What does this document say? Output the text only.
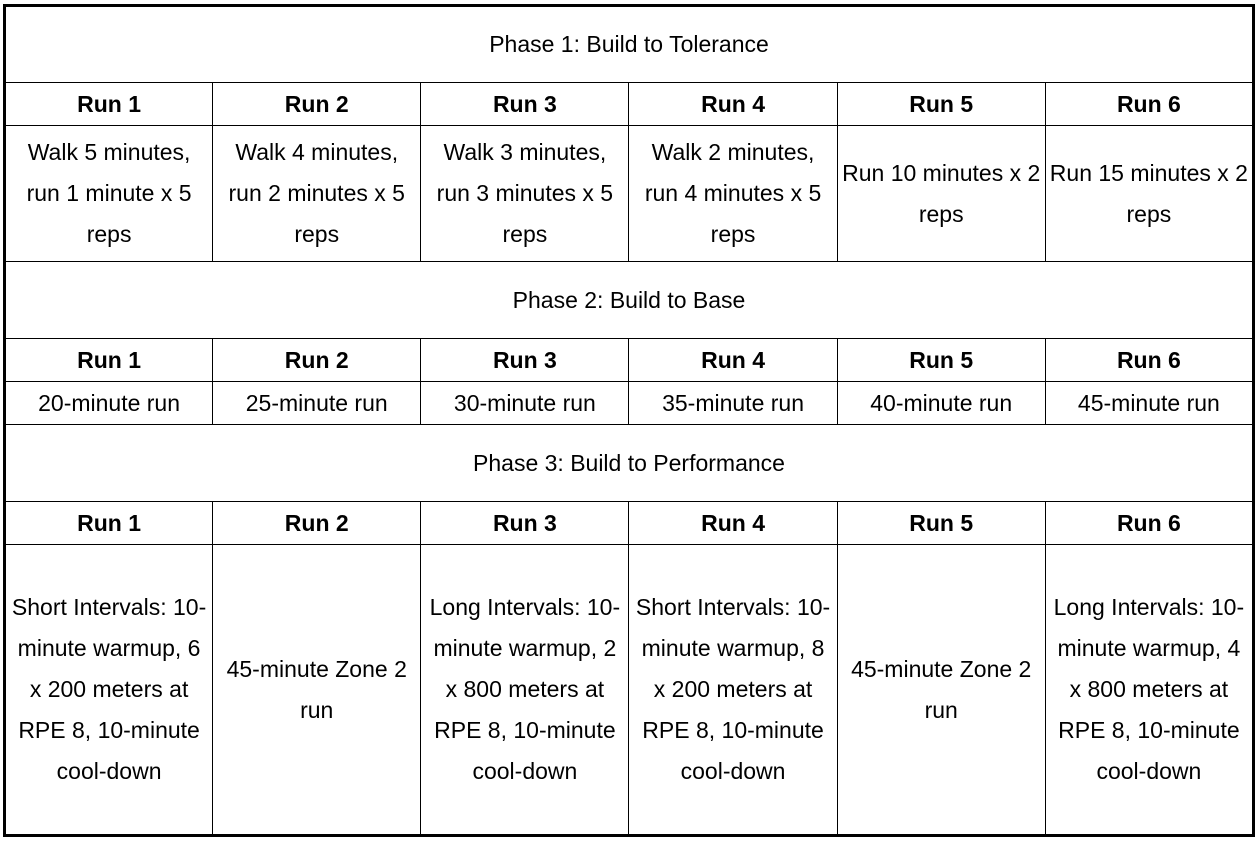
Phase 1: Build to Tolerance					
Run 1	Run 2	Run 3	Run 4	Run 5	Run 6
Walk 5 minutes, run 1 minute x 5 reps	Walk 4 minutes, run 2 minutes x 5 reps	Walk 3 minutes, run 3 minutes x 5 reps	Walk 2 minutes, run 4 minutes x 5 reps	Run 10 minutes x 2 reps	Run 15 minutes x 2 reps
Phase 2: Build to Base					
Run 1	Run 2	Run 3	Run 4	Run 5	Run 6
20-minute run	25-minute run	30-minute run	35-minute run	40-minute run	45-minute run
Phase 3: Build to Performance					
Run 1	Run 2	Run 3	Run 4	Run 5	Run 6
Short Intervals: 10-minute warmup, 6 x 200 meters at RPE 8, 10-minute cool-down	45-minute Zone 2 run	Long Intervals: 10-minute warmup, 2 x 800 meters at RPE 8, 10-minute cool-down	Short Intervals: 10-minute warmup, 8 x 200 meters at RPE 8, 10-minute cool-down	45-minute Zone 2 run	Long Intervals: 10-minute warmup, 4 x 800 meters at RPE 8, 10-minute cool-down
